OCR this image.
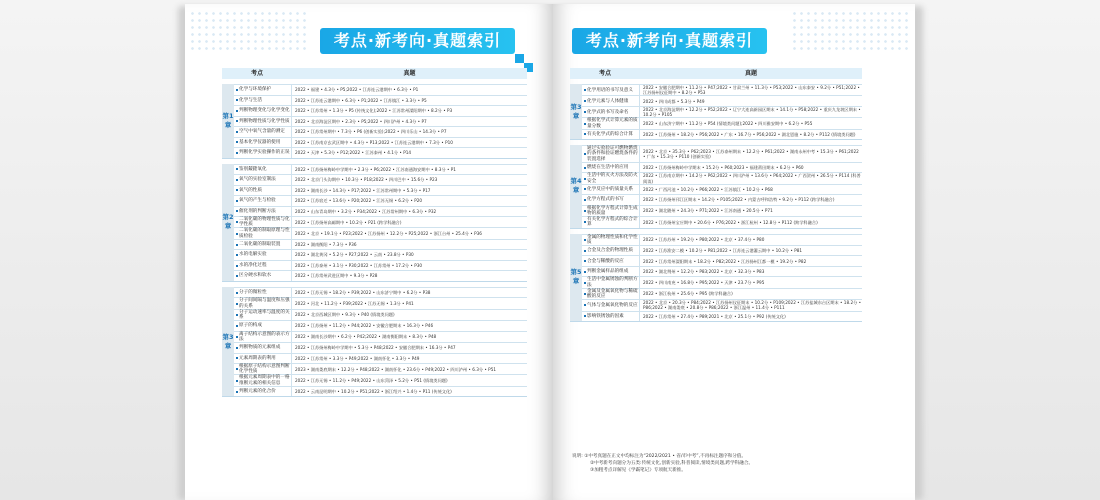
考点·新考向·真题索引	考点·新考向·真题索引
考点	真题
第1章
化学与环境保护	2022 • 福建 • 4.3分 • P5;2022 • 江苏连云港期中 • 6.3分 • P1
化学与生活	2022 • 江苏连云港期中 • 6.3分 • P1;2022 • 江苏镇江 • 3.3分 • P5
判断物理变化与化学变化	2022 • 江苏常州 • 1.3分 • P5 (传统文化);2022 • 江苏常州溧阳期中 • 8.2分 • P3
判断物理性质与化学性质	2022 • 北京海淀区期中 • 2.3分 • P5;2022 • 四川泸州 • 4.3分 • P7
空气中氧气含量的测定	2022 • 江苏常州期中 • 7.3分 • P6 (创新实验);2022 • 四川乐山 • 14.3分 • P7
基本化学仪器的使用	2022 • 江苏南京玄武区期中 • 4.3分 • P13;2022 • 江苏连云港期中 • 7.3分 • P10
判断化学实验操作的正误	2022 • 天津 • 5.3分 • P12;2022 • 江苏泰州 • 4.1分 • P14
第2章
鉴别鍰鍷氧化	2022 • 江苏扬州梅岭中学期中 • 2.3分 • P6;2022 • 江苏南通海安期中 • 8.3分 • P1
氧气的实验室制法	2022 • 北京门头沟期中 • 10.3分 • P18;2022 • 四川巴中 • 15.6分 • P23
氧气的性质	2022 • 湖南长沙 • 14.3分 • P17;2022 • 江苏常州期中 • 5.3分 • P17
氧气的产生与检验	2022 • 江苏宿迁 • 13.6分 • P20;2022 • 江苏无锡 • 6.2分 • P20
催化剂的判断方法	2022 • 山东青岛期中 • 3.2分 • P34;2022 • 江苏常州期中 • 6.3分 • P32
二氧化碳的物理性质与化学性质
2022 • 江苏扬州高邮期中 • 10.2分 • P21 (跨学科融合)
二氧化碳的制取原理与性质检验
2022 • 北京 • 19.1分 • P23;2022 • 江苏扬州 • 12.2分 • P25;2022 • 浙江台州 • 25.4分 • P36
二氧化碳的制取装置	2022 • 湖南衡阳 • 7.3分 • P36
水的电解实验	2022 • 湖北黄冈 • 5.2分 • P27;2022 • 云南 • 23.8分 • P30
水的净化过程	2022 • 江苏泰州 • 3.1分 • P30;2022 • 江苏常州 • 17.2分 • P30
区分硬水和软水	2022 • 江苏常州武进区期中 • 9.3分 • P28
第3章
分子的微粒性	2022 • 江苏无锡 • 18.2分 • P39;2022 • 山东济宁期中 • 6.2分 • P38
分子间间隔与温度和压强的关系
2022 • 河北 • 11.2分 • P39;2022 • 江苏无锡 • 1.3分 • P41
分子运动速率与温度的关系
2022 • 北京西城区期中 • 9.3分 • P40 (情境类问题)
原子的构成	2022 • 江苏扬州 • 11.2分 • P44;2022 • 安徽合肥期末 • 16.3分 • P46
离子结构示意图的表示方法
2022 • 湖南长沙期中 • 6.2分 • P42;2022 • 湖南衡阳期末 • 8.3分 • P48
判断物质的元素组成	2022 • 江苏扬州梅岭中学期中 • 5.3分 • P48;2022 • 安徽合肥期末 • 16.3分 • P47
元素周期表的利用	2022 • 江苏常州 • 3.3分 • P49;2022 • 湖南怀化 • 3.3分 • P49
根据原子结构示意图判断化学性质
2023 • 湖南娄底期末 • 12.2分 • P48;2022 • 湖南怀化 • 23.6分 • P49;2022 • 四川泸州 • 6.3分 • P51
根据元素周期表中的一格推断元素的相关信息
2022 • 江苏无锡 • 11.2分 • P49;2022 • 山东菏泽 • 5.2分 • P51 (情境类问题)
判断元素的化合价	2022 • 云南昆明期中 • 10.2分 • P51;2022 • 浙江绍兴 • 1.4分 • P11 (传统文化)
考点	真题
第3章
化学用语的书写及意义
2022 • 安徽合肥期中 • 11.2分 • P47;2022 • 甘肃兰州 • 11.3分 • P53;2022 • 山东泰安 • 9.2分 • P51;2022 • 江苏扬州仪征期中 • 8.2分 • P53
化学元素与人体健康	2022 • 四川成都 • 5.3分 • P49
化学式的书写及命名
2022 • 北京海淀期中 • 12.2分 • P52;2022 • 辽宁大连高新园区期末 • 14.1分 • P58;2022 • 重庆九龙坡区期末 • 10.2分 • P105
根据化学式计算元素的质量分数
2022 • 山东济宁期中 • 11.2分 • P54 (情境类问题);2022 • 四川雅安期中 • 6.2分 • P55
有关化学式的综合计算	2022 • 江苏扬州 • 18.2分 • P56;2022 • 广东 • 16.7分 • P56;2022 • 湖北恩施 • 8.2分 • P112 (情境类问题)
第4章
通过实验验证可燃物燃烧的条件和验证燃烧条件的装置选择
2022 • 北京 • 35.3分 • P62;2023 • 江苏泰州期末 • 12.2分 • P61;2022 • 湖南永州中考 • 15.3分 • P61;2022 • 广东 • 15.3分 • P110 (创新实验)
燃烧在生活中的应用	2022 • 江苏扬州梅岭中学期末 • 15.2分 • P60;2023 • 福建莆田期末 • 6.2分 • P60
生活中的灭火方法及防火安全
2022 • 江苏南京期中 • 14.2分 • P62;2022 • 四川泸州 • 13.6分 • P64;2022 • 广西贺州 • 26.5分 • P114 (科普阅读)
化学反应中的质量关系	2022 • 广西河池 • 10.2分 • P66;2022 • 江苏镇江 • 10.2分 • P68
化学方程式的书写	2022 • 江苏扬州邗江区期末 • 14.2分 • P105;2022 • 内蒙古呼和浩特 • 9.2分 • P112 (跨学科融合)
根据化学方程式计算生成物的质量
2022 • 湖北随州 • 24.3分 • P71;2022 • 江苏南通 • 20.5分 • P71
有关化学方程式的综合计算
2022 • 江苏扬州宝应期中 • 20.6分 • P76;2022 • 浙江杭州 • 12.8分 • P112 (跨学科融合)
第5章
金属的物理性质和化学性质
2022 • 江苏苏州 • 19.2分 • P80;2022 • 北京 • 37.4分 • P80
合金及合金的物理性质	2022 • 江苏淮安二模 • 10.2分 • P81;2022 • 江苏连云港灌云期中 • 10.2分 • P81
合金与稀酸的反应	2022 • 江苏常州溧阳期末 • 18.2分 • P82;2022 • 江苏扬州江都一模 • 19.2分 • P82
判断金属样品的组成	2022 • 湖北荆州 • 12.2分 • P83;2022 • 北京 • 32.3分 • P83
生活中金属锈蚀的判断方法
2022 • 四川南充 • 16.8分 • P95;2022 • 天津 • 23.7分 • P95
金属及金属氧化物与稀硫酸的反应
2022 • 浙江杭州 • 25.6分 • P95 (跨学科融合)
气体与金属氧化物的反应
2022 • 北京 • 20.3分 • P84;2022 • 江苏扬州仪征期末 • 10.2分 • P109;2022 • 江苏盐城东台区期末 • 18.2分 • P86;2022 • 湖南娄底 • 20.8分 • P86;2022 • 浙江温州 • 11.4分 • P111
影响铁锈蚀的因素	2022 • 江苏常州 • 27.4分 • P89;2021 • 北京 • 25.1分 • P92 (传统文化)
说明: ①中考真题在正文中均标注为“2022/2021 • 省/市中考”,不再标注题序和分值。
②中考新考向题分为五类:传统文化,创新实验,科普阅读,情境类问题,跨学科融合。
③加粗考点详解见《学霸笔记》专项航天新推。
